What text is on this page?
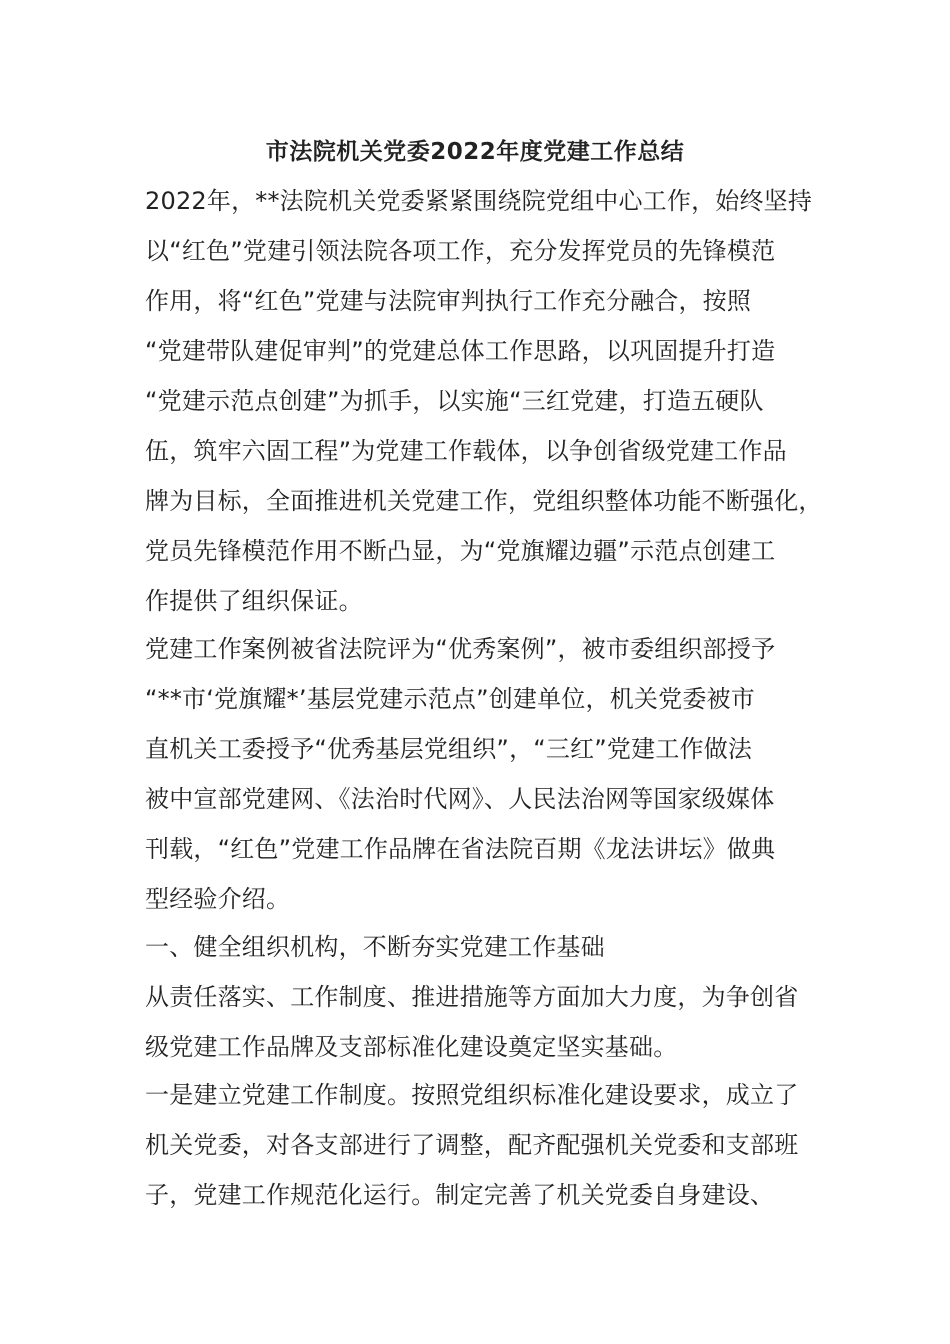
市法院机关党委2022年度党建工作总结
2022年，**法院机关党委紧紧围绕院党组中心工作，始终坚持
以“红色”党建引领法院各项工作，充分发挥党员的先锋模范
作用，将“红色”党建与法院审判执行工作充分融合，按照
“党建带队建促审判”的党建总体工作思路，以巩固提升打造
“党建示范点创建”为抓手，以实施“三红党建，打造五硬队
伍，筑牢六固工程”为党建工作载体，以争创省级党建工作品
牌为目标，全面推进机关党建工作，党组织整体功能不断强化，
党员先锋模范作用不断凸显，为“党旗耀边疆”示范点创建工
作提供了组织保证。
党建工作案例被省法院评为“优秀案例”，被市委组织部授予
“**市‘党旗耀*’基层党建示范点”创建单位，机关党委被市
直机关工委授予“优秀基层党组织”，“三红”党建工作做法
被中宣部党建网、《法治时代网》、人民法治网等国家级媒体
刊载，“红色”党建工作品牌在省法院百期《龙法讲坛》做典
型经验介绍。
一、健全组织机构，不断夯实党建工作基础
从责任落实、工作制度、推进措施等方面加大力度，为争创省
级党建工作品牌及支部标准化建设奠定坚实基础。
一是建立党建工作制度。按照党组织标准化建设要求，成立了
机关党委，对各支部进行了调整，配齐配强机关党委和支部班
子，党建工作规范化运行。制定完善了机关党委自身建设、
